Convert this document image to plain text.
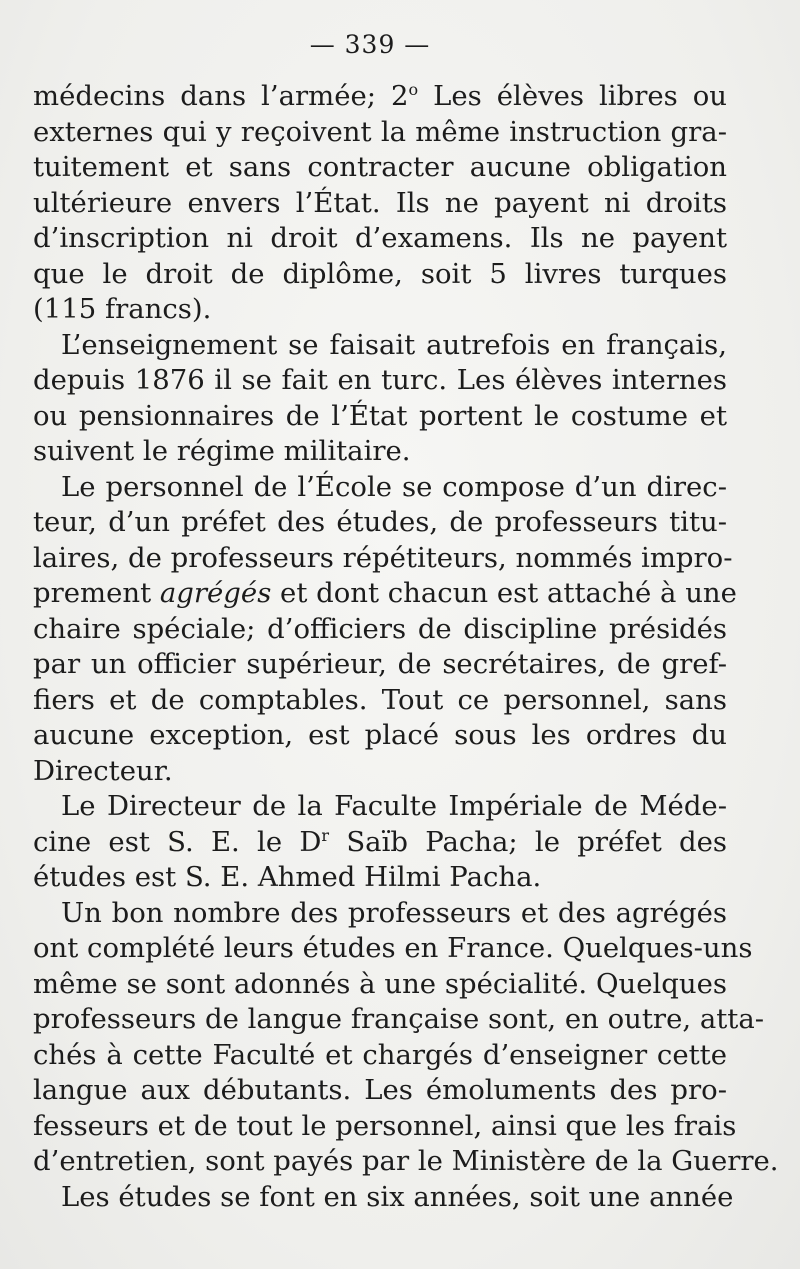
— 339 —
médecins dans l’armée; 2$^o$ Les élèves libres ou
externes qui y reçoivent la même instruction gra-
tuitement et sans contracter aucune obligation
ultérieure envers l’État. Ils ne payent ni droits
d’inscription ni droit d’examens. Ils ne payent
que le droit de diplôme, soit 5 livres turques
(115 francs).
L’enseignement se faisait autrefois en français,
depuis 1876 il se fait en turc. Les élèves internes
ou pensionnaires de l’État portent le costume et
suivent le régime militaire.
Le personnel de l’École se compose d’un direc-
teur, d’un préfet des études, de professeurs titu-
laires, de professeurs répétiteurs, nommés impro-
prement agrégés et dont chacun est attaché à une
chaire spéciale; d’officiers de discipline présidés
par un officier supérieur, de secrétaires, de gref-
fiers et de comptables. Tout ce personnel, sans
aucune exception, est placé sous les ordres du
Directeur.
Le Directeur de la Faculte Impériale de Méde-
cine est S. E. le $D^r$ Saïb Pacha; le préfet des
études est S. E. Ahmed Hilmi Pacha.
Un bon nombre des professeurs et des agrégés
ont complété leurs études en France. Quelques-uns
même se sont adonnés à une spécialité. Quelques
professeurs de langue française sont, en outre, atta-
chés à cette Faculté et chargés d’enseigner cette
langue aux débutants. Les émoluments des pro-
fesseurs et de tout le personnel, ainsi que les frais
d’entretien, sont payés par le Ministère de la Guerre.
Les études se font en six années, soit une année
